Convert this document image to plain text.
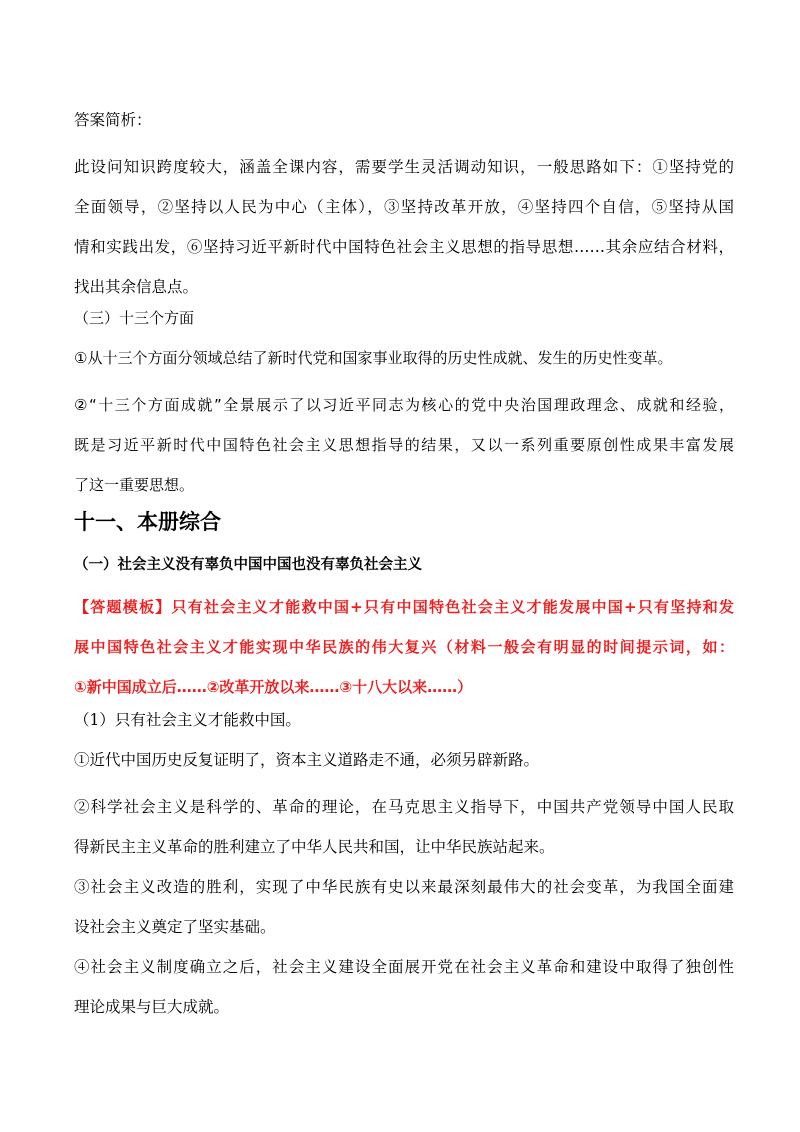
答案简析：
此设问知识跨度较大，涵盖全课内容，需要学生灵活调动知识，一般思路如下：①坚持党的
全面领导，②坚持以人民为中心（主体），③坚持改革开放，④坚持四个自信，⑤坚持从国
情和实践出发，⑥坚持习近平新时代中国特色社会主义思想的指导思想……其余应结合材料，
找出其余信息点。
（三）十三个方面
①从十三个方面分领域总结了新时代党和国家事业取得的历史性成就、发生的历史性变革。
②“十三个方面成就”全景展示了以习近平同志为核心的党中央治国理政理念、成就和经验，
既是习近平新时代中国特色社会主义思想指导的结果，又以一系列重要原创性成果丰富发展
了这一重要思想。
十一、本册综合
（一）社会主义没有辜负中国中国也没有辜负社会主义
【答题模板】只有社会主义才能救中国+只有中国特色社会主义才能发展中国+只有坚持和发
展中国特色社会主义才能实现中华民族的伟大复兴（材料一般会有明显的时间提示词，如：
①新中国成立后……②改革开放以来……③十八大以来……）
（1）只有社会主义才能救中国。
①近代中国历史反复证明了，资本主义道路走不通，必须另辟新路。
②科学社会主义是科学的、革命的理论，在马克思主义指导下，中国共产党领导中国人民取
得新民主主义革命的胜利建立了中华人民共和国，让中华民族站起来。
③社会主义改造的胜利，实现了中华民族有史以来最深刻最伟大的社会变革，为我国全面建
设社会主义奠定了坚实基础。
④社会主义制度确立之后，社会主义建设全面展开党在社会主义革命和建设中取得了独创性
理论成果与巨大成就。
